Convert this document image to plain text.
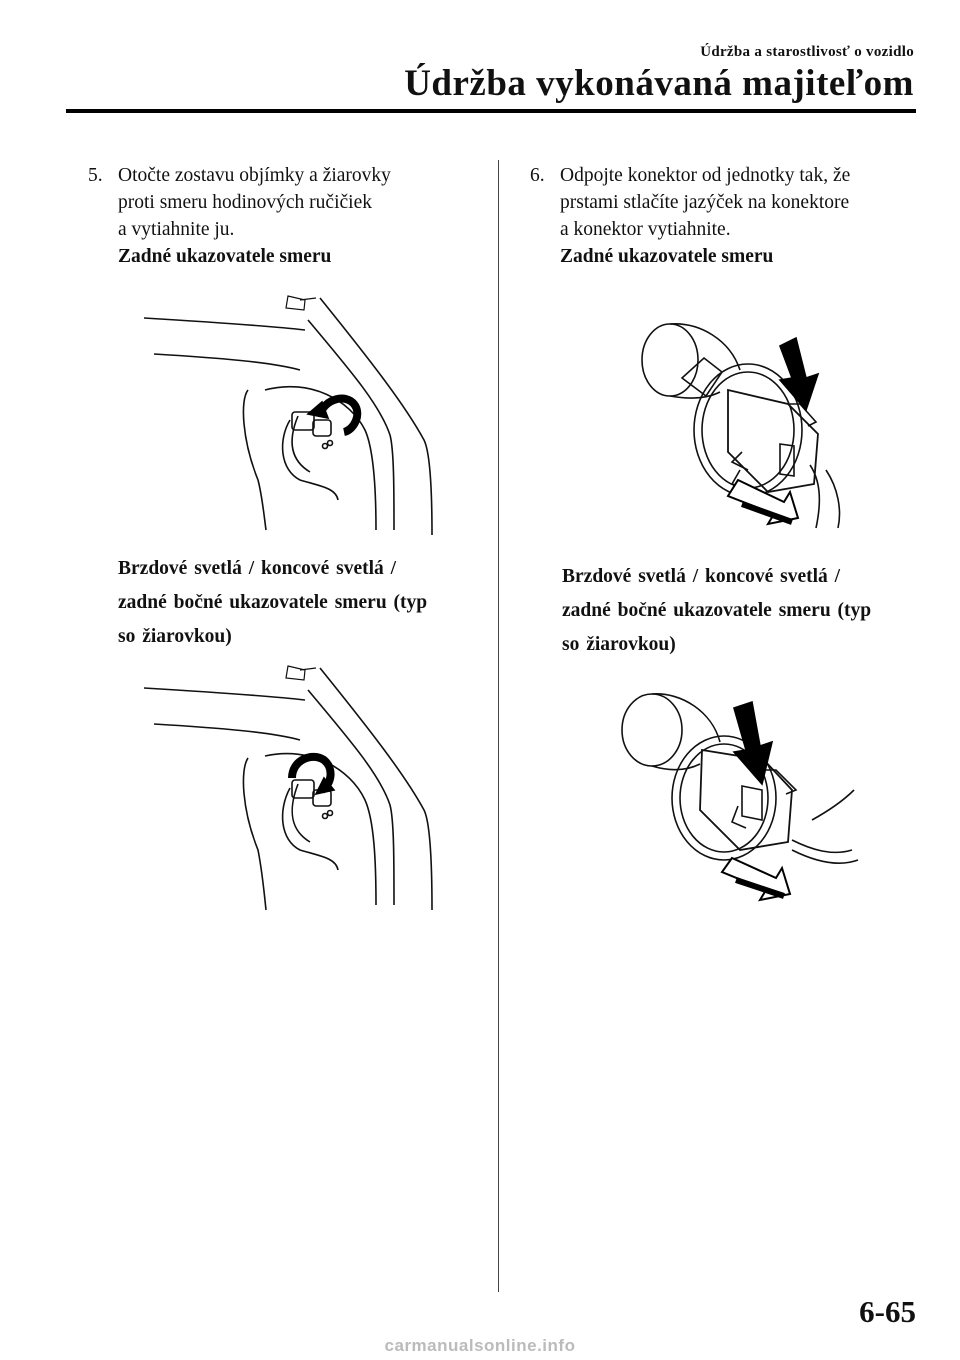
Údržba a starostlivosť o vozidlo
Údržba vykonávaná majiteľom
5. Otočte zostavu objímky a žiarovky
proti smeru hodinových ručičiek
a vytiahnite ju.
Zadné ukazovatele smeru
Brzdové svetlá / koncové svetlá /
zadné bočné ukazovatele smeru (typ
so žiarovkou)
6. Odpojte konektor od jednotky tak, že
prstami stlačíte jazýček na konektore
a konektor vytiahnite.
Zadné ukazovatele smeru
Brzdové svetlá / koncové svetlá /
zadné bočné ukazovatele smeru (typ
so žiarovkou)
6-65
carmanualsonline.info
